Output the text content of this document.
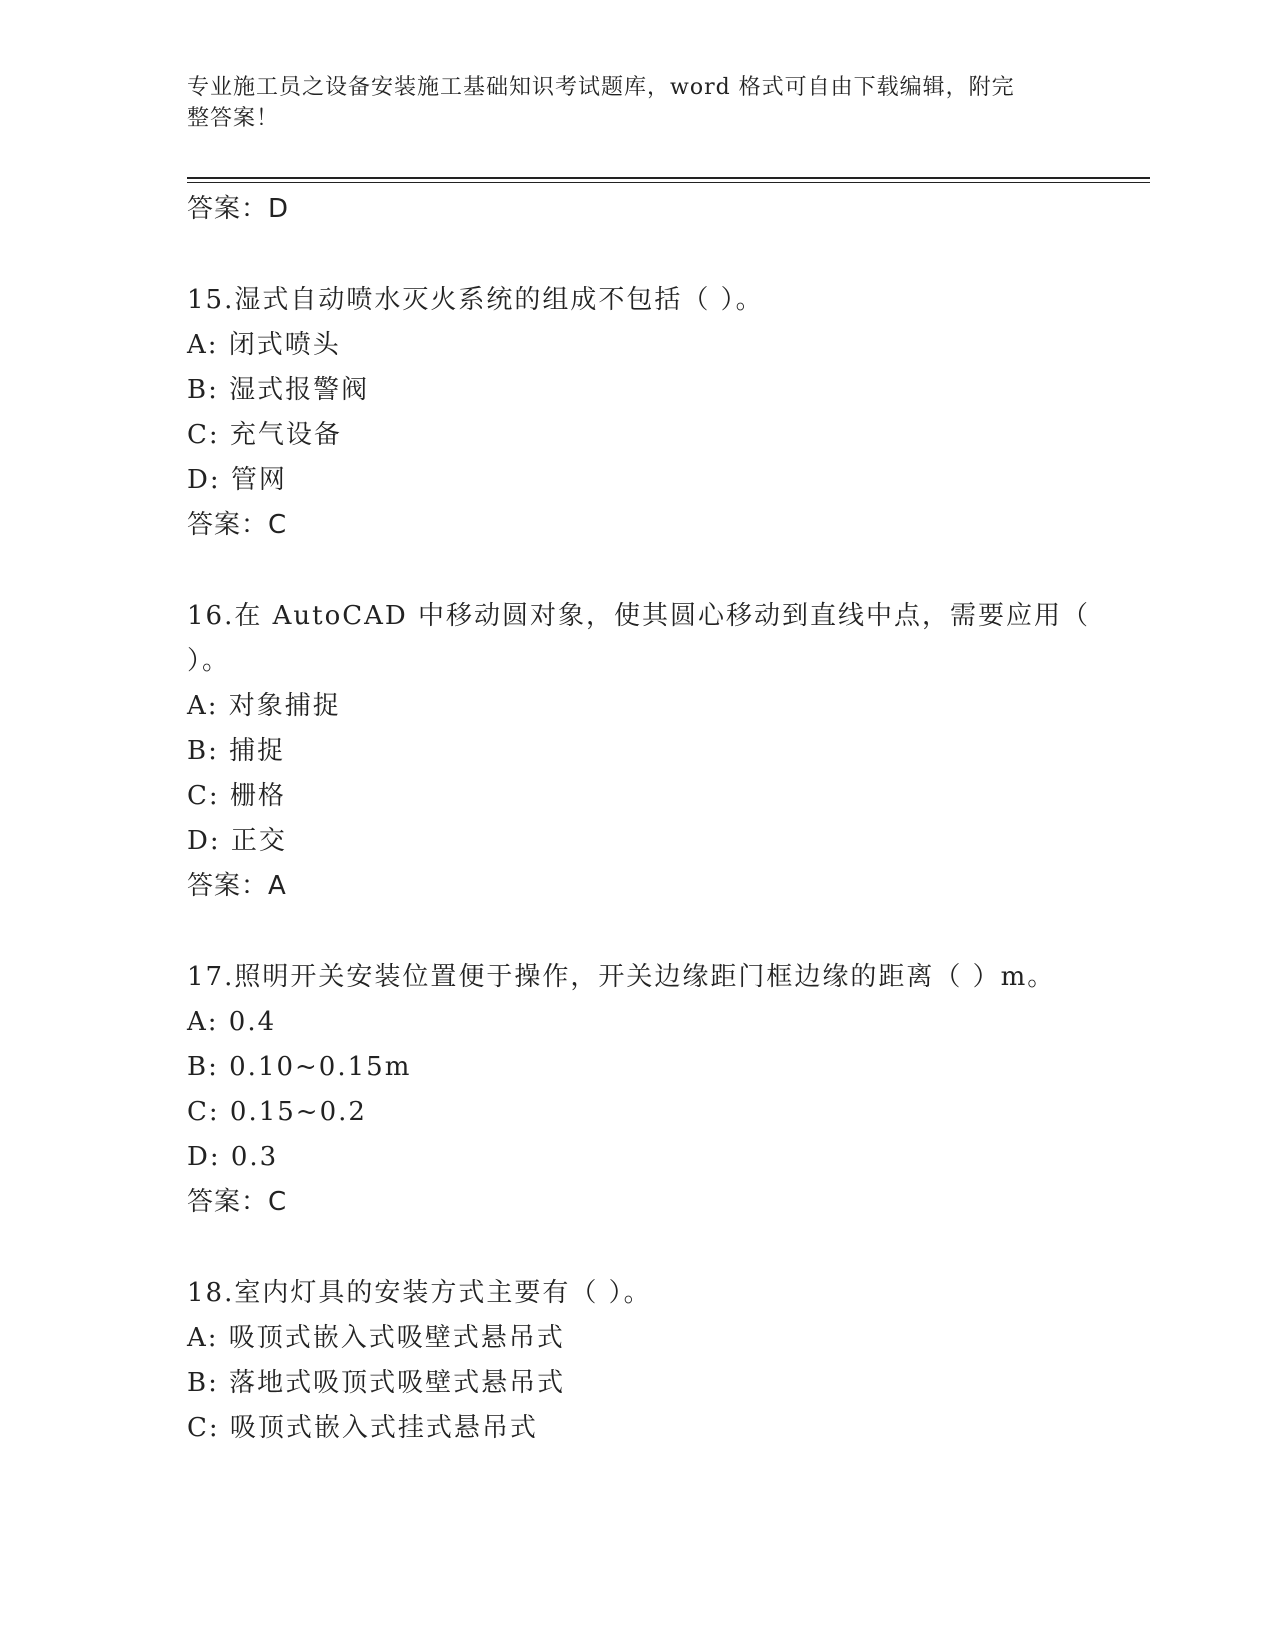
专业施工员之设备安装施工基础知识考试题库，word 格式可自由下载编辑，附完
整答案！
答案：D
15.湿式自动喷水灭火系统的组成不包括（ ）。
A: 闭式喷头
B: 湿式报警阀
C: 充气设备
D: 管网
答案：C
16.在 AutoCAD 中移动圆对象，使其圆心移动到直线中点，需要应用（
）。
A: 对象捕捉
B: 捕捉
C: 栅格
D: 正交
答案：A
17.照明开关安装位置便于操作，开关边缘距门框边缘的距离（ ）m。
A: 0.4
B: 0.10~0.15m
C: 0.15~0.2
D: 0.3
答案：C
18.室内灯具的安装方式主要有（ ）。
A: 吸顶式嵌入式吸壁式悬吊式
B: 落地式吸顶式吸壁式悬吊式
C: 吸顶式嵌入式挂式悬吊式
